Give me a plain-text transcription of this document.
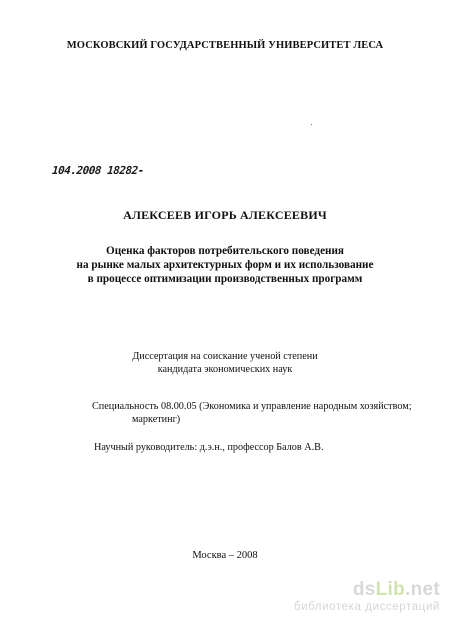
МОСКОВСКИЙ ГОСУДАРСТВЕННЫЙ УНИВЕРСИТЕТ ЛЕСА
104.2008 18282-
АЛЕКСЕЕВ ИГОРЬ АЛЕКСЕЕВИЧ
Оценка факторов потребительского поведения
на рынке малых архитектурных форм и их использование
в процессе оптимизации производственных программ
Диссертация на соискание ученой степени
кандидата экономических наук
Специальность 08.00.05 (Экономика и управление народным хозяйством;
маркетинг)
Научный руководитель: д.э.н., профессор Балов А.В.
Москва – 2008
dsLib.net
библиотека диссертаций
